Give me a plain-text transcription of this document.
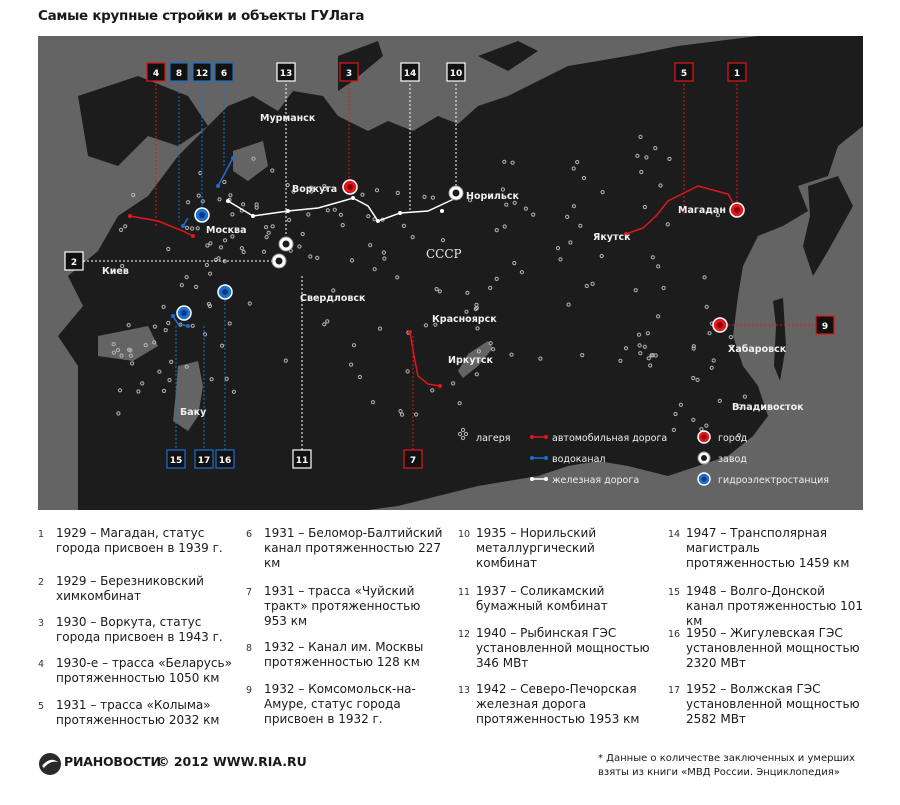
Самые крупные стройки и объекты ГУЛага
Мурманск
Воркута
Норильск
Москва
Киев
Свердловск
Красноярск
Иркутск
Якутск
Магадан
Хабаровск
Владивосток
Баку
СССР
4 8 12 6	13	3	14	10	5	1
2
9
15 17 16	11	7
лагеря	автомобильная дорога
водоканал
железная дорога
город
завод
гидроэлектростанция
1 1929 – Магадан, статус города присвоен в 1939 г.
2 1929 – Березниковский химкомбинат
3 1930 – Воркута, статус города присвоен в 1943 г.
4 1930-е – трасса «Беларусь» протяженностью 1050 км
5 1931 – трасса «Колыма» протяженностью 2032 км
6 1931 – Беломор-Балтийский канал протяженностью 227 км
7 1931 – трасса «Чуйский тракт» протяженностью 953 км
8 1932 – Канал им. Москвы протяженностью 128 км
9 1932 – Комсомольск-на-Амуре, статус города присвоен в 1932 г.
10 1935 – Норильский металлургический комбинат
11 1937 – Соликамский бумажный комбинат
12 1940 – Рыбинская ГЭС установленной мощностью 346 МВт
13 1942 – Северо-Печорская железная дорога протяженностью 1953 км
14 1947 – Трансполярная магистраль протяженностью 1459 км
15 1948 – Волго-Донской канал протяженностью 101 км
16 1950 – Жигулевская ГЭС установленной мощностью 2320 МВт
17 1952 – Волжская ГЭС установленной мощностью 2582 МВт
РИАНОВОСТИ
© 2012 WWW.RIA.RU	* Данные о количестве заключенных и умерших взяты из книги «МВД России. Энциклопедия»
